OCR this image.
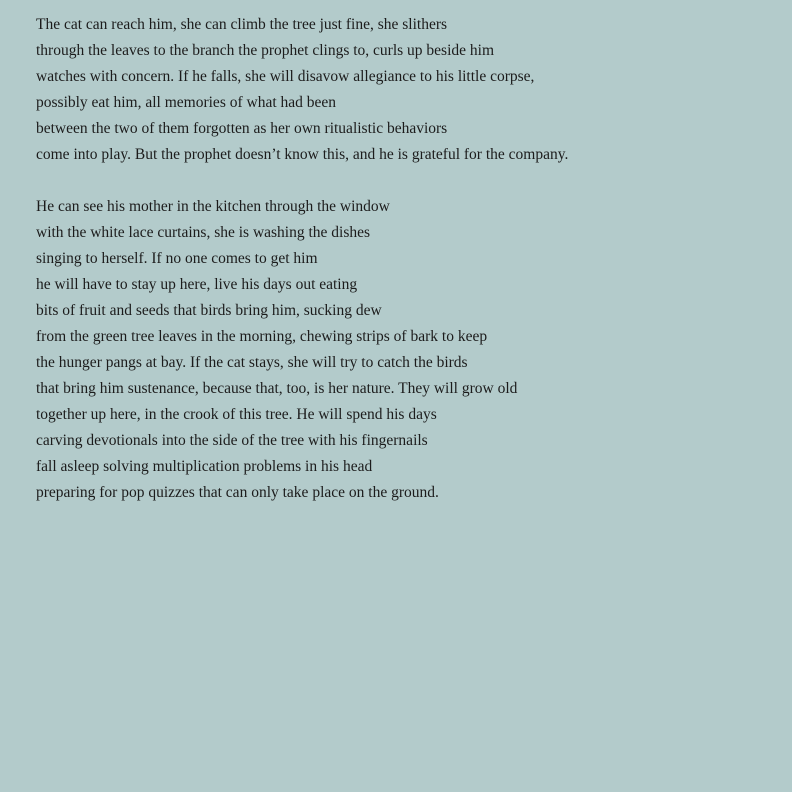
The cat can reach him, she can climb the tree just fine, she slithers
through the leaves to the branch the prophet clings to, curls up beside him
watches with concern. If he falls, she will disavow allegiance to his little corpse,
possibly eat him, all memories of what had been
between the two of them forgotten as her own ritualistic behaviors
come into play. But the prophet doesn’t know this, and he is grateful for the company.
He can see his mother in the kitchen through the window
with the white lace curtains, she is washing the dishes
singing to herself. If no one comes to get him
he will have to stay up here, live his days out eating
bits of fruit and seeds that birds bring him, sucking dew
from the green tree leaves in the morning, chewing strips of bark to keep
the hunger pangs at bay. If the cat stays, she will try to catch the birds
that bring him sustenance, because that, too, is her nature. They will grow old
together up here, in the crook of this tree. He will spend his days
carving devotionals into the side of the tree with his fingernails
fall asleep solving multiplication problems in his head
preparing for pop quizzes that can only take place on the ground.
